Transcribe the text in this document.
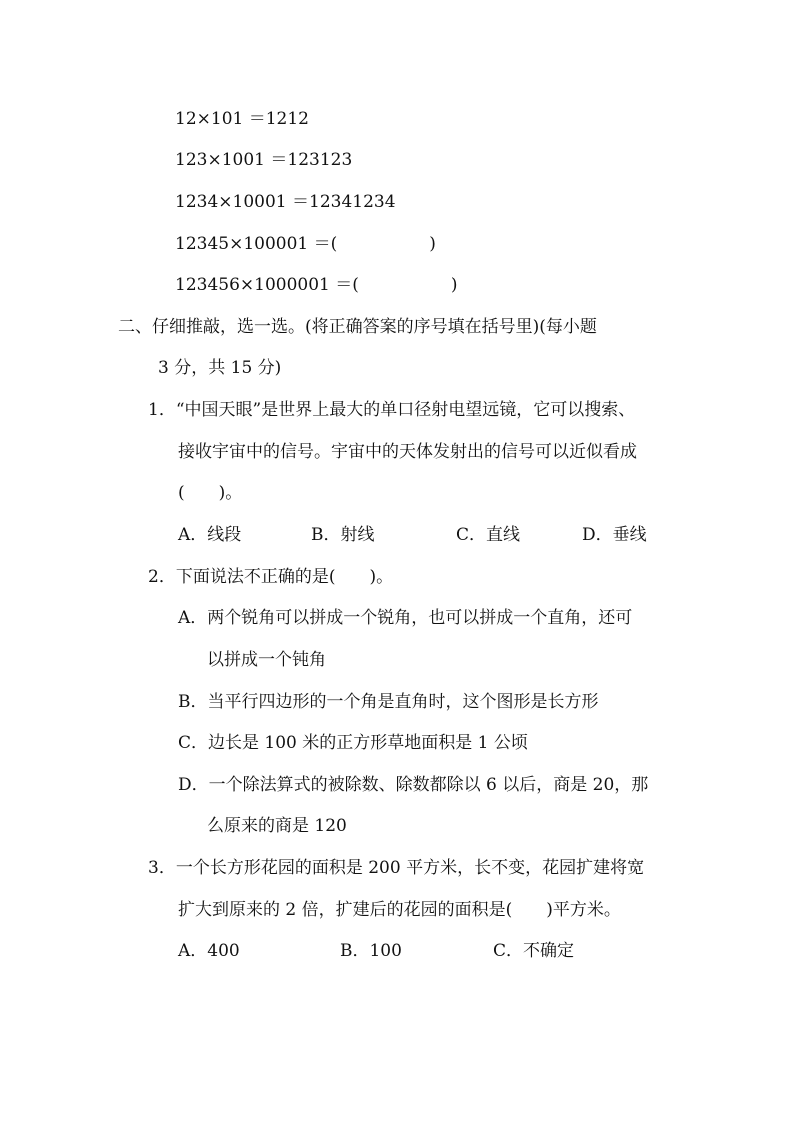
12×101 ＝1212
123×1001 ＝123123
1234×10001 ＝12341234
12345×100001 ＝(	)
123456×1000001 ＝(	)
二、仔细推敲，选一选。(将正确答案的序号填在括号里)(每小题
3 分，共 15 分)
1．“中国天眼”是世界上最大的单口径射电望远镜，它可以搜索、
接收宇宙中的信号。宇宙中的天体发射出的信号可以近似看成
(　　)。
A．线段	B．射线	C．直线	D．垂线
2．下面说法不正确的是(　　)。
A．两个锐角可以拼成一个锐角，也可以拼成一个直角，还可
以拼成一个钝角
B．当平行四边形的一个角是直角时，这个图形是长方形
C．边长是 100 米的正方形草地面积是 1 公顷
D．一个除法算式的被除数、除数都除以 6 以后，商是 20，那
么原来的商是 120
3．一个长方形花园的面积是 200 平方米，长不变，花园扩建将宽
扩大到原来的 2 倍，扩建后的花园的面积是(　　)平方米。
A．400	B．100	C．不确定
